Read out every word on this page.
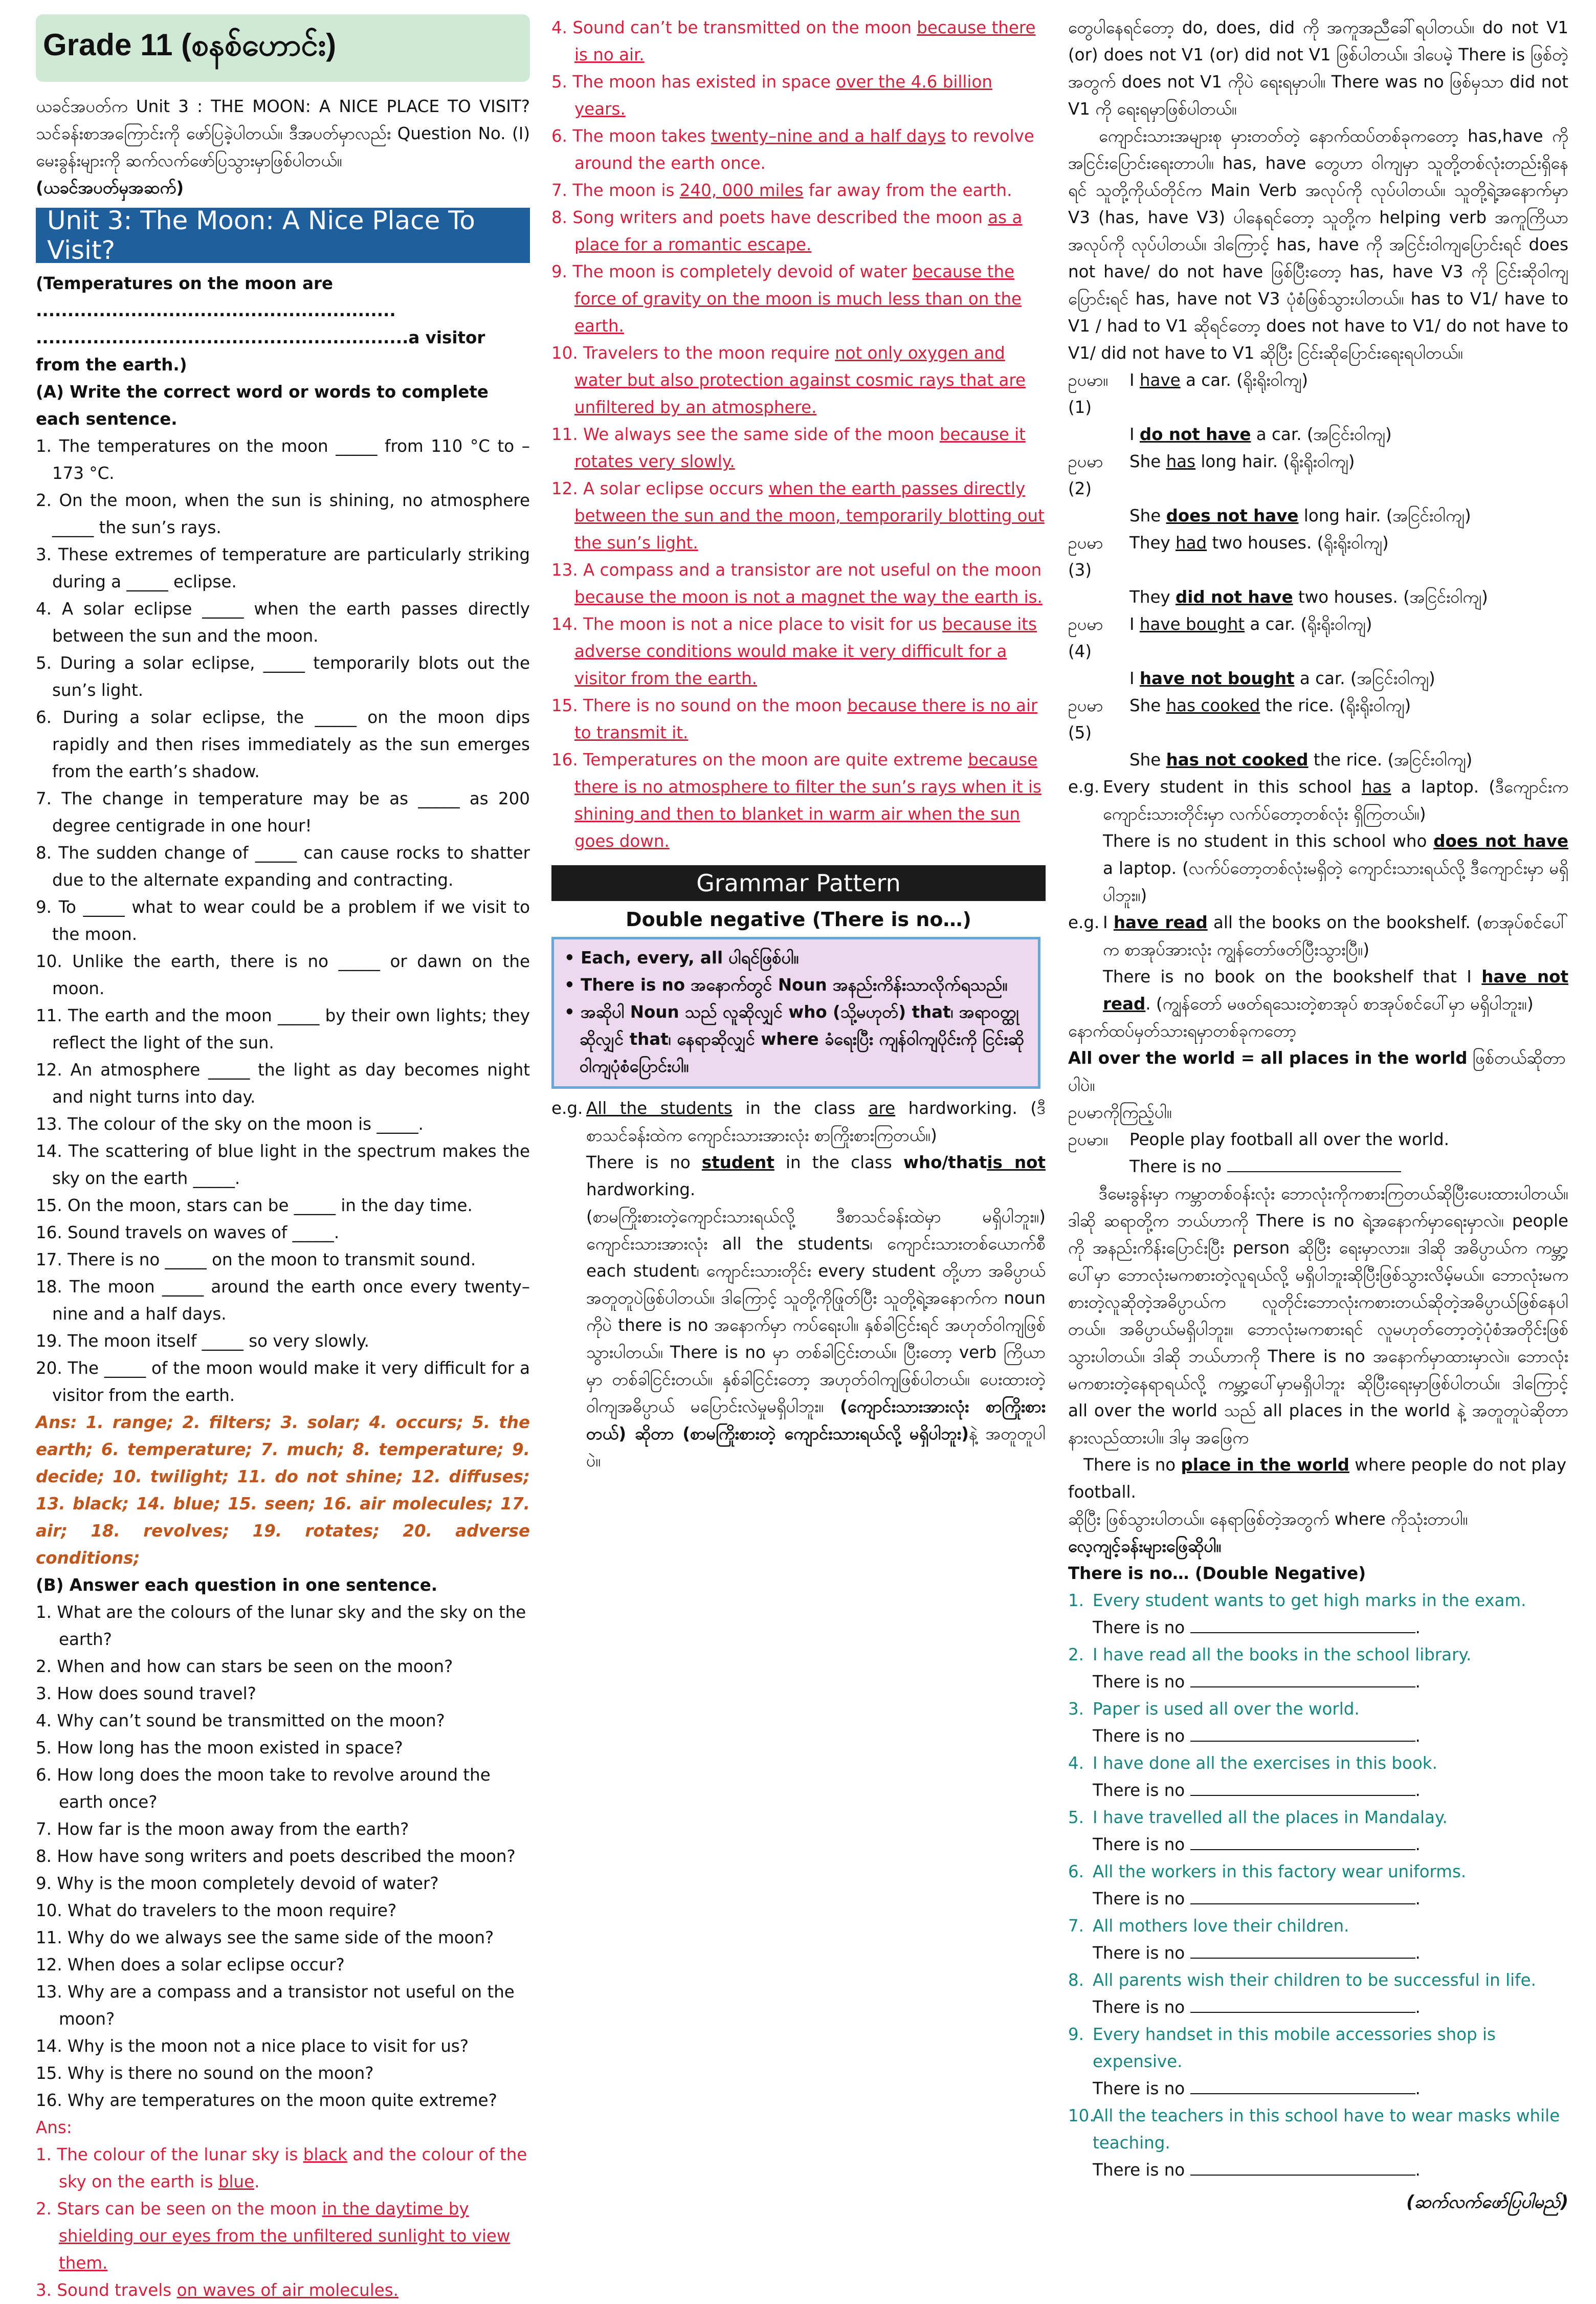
Grade 11 (စနစ်ဟောင်း)

ယခင်အပတ်က Unit 3 : THE MOON: A NICE PLACE TO VISIT? သင်ခန်းစာအကြောင်းကို ဖော်ပြခဲ့ပါတယ်။ ဒီအပတ်မှာလည်း Question No. (I) မေးခွန်းများကို ဆက်လက်ဖော်ပြသွားမှာဖြစ်ပါတယ်။

(ယခင်အပတ်မှအဆက်)

Unit 3: The Moon: A Nice Place To Visit?

(Temperatures on the moon are .........................................................

...........................................................a visitor from the earth.)

(A) Write the correct word or words to complete each sentence.

1. The temperatures on the moon _____ from 110 °C to –173 °C.

2. On the moon, when the sun is shining, no atmosphere _____ the sun’s rays.

3. These extremes of temperature are particularly striking during a _____ eclipse.

4. A solar eclipse _____ when the earth passes directly between the sun and the moon.

5. During a solar eclipse, _____ temporarily blots out the sun’s light.

6. During a solar eclipse, the _____ on the moon dips rapidly and then rises immediately as the sun emerges from the earth’s shadow.

7. The change in temperature may be as _____ as 200 degree centigrade in one hour!

8. The sudden change of _____ can cause rocks to shatter due to the alternate expanding and contracting.

9. To _____ what to wear could be a problem if we visit to the moon.

10. Unlike the earth, there is no _____ or dawn on the moon.

11. The earth and the moon _____ by their own lights; they reflect the light of the sun.

12. An atmosphere _____ the light as day becomes night and night turns into day.

13. The colour of the sky on the moon is _____.

14. The scattering of blue light in the spectrum makes the sky on the earth _____.

15. On the moon, stars can be _____ in the day time.

16. Sound travels on waves of _____.

17. There is no _____ on the moon to transmit sound.

18. The moon _____ around the earth once every twenty–nine and a half days.

19. The moon itself _____ so very slowly.

20. The _____ of the moon would make it very difficult for a visitor from the earth.

Ans: 1. range; 2. filters; 3. solar; 4. occurs; 5. the earth; 6. temperature; 7. much; 8. temperature; 9. decide; 10. twilight; 11. do not shine; 12. diffuses; 13. black; 14. blue; 15. seen; 16. air molecules; 17. air; 18. revolves; 19. rotates; 20. adverse conditions;

(B) Answer each question in one sentence.

1. What are the colours of the lunar sky and the sky on the earth?

2. When and how can stars be seen on the moon?

3. How does sound travel?

4. Why can’t sound be transmitted on the moon?

5. How long has the moon existed in space?

6. How long does the moon take to revolve around the earth once?

7. How far is the moon away from the earth?

8. How have song writers and poets described the moon?

9. Why is the moon completely devoid of water?

10. What do travelers to the moon require?

11. Why do we always see the same side of the moon?

12. When does a solar eclipse occur?

13. Why are a compass and a transistor not useful on the moon?

14. Why is the moon not a nice place to visit for us?

15. Why is there no sound on the moon?

16. Why are temperatures on the moon quite extreme?

Ans:

1. The colour of the lunar sky is black and the colour of the sky on the earth is blue.

2. Stars can be seen on the moon in the daytime by shielding our eyes from the unfiltered sunlight to view them.

3. Sound travels on waves of air molecules.

4. Sound can’t be transmitted on the moon because there is no air.

5. The moon has existed in space over the 4.6 billion years.

6. The moon takes twenty–nine and a half days to revolve around the earth once.

7. The moon is 240, 000 miles far away from the earth.

8. Song writers and poets have described the moon as a place for a romantic escape.

9. The moon is completely devoid of water because the force of gravity on the moon is much less than on the earth.

10. Travelers to the moon require not only oxygen and water but also protection against cosmic rays that are unfiltered by an atmosphere.

11. We always see the same side of the moon because it rotates very slowly.

12. A solar eclipse occurs when the earth passes directly between the sun and the moon, temporarily blotting out the sun’s light.

13. A compass and a transistor are not useful on the moon because the moon is not a magnet the way the earth is.

14. The moon is not a nice place to visit for us because its adverse conditions would make it very difficult for a visitor from the earth.

15. There is no sound on the moon because there is no air to transmit it.

16. Temperatures on the moon are quite extreme because there is no atmosphere to filter the sun’s rays when it is shining and then to blanket in warm air when the sun goes down.

Grammar Pattern

Double negative (There is no…)

• Each, every, all ပါရင်ဖြစ်ပါ။

• There is no အနောက်တွင် Noun အနည်းကိန်းသာလိုက်ရသည်။

• အဆိုပါ Noun သည် လူဆိုလျှင် who (သို့မဟုတ်) that၊ အရာဝတ္ထုဆိုလျှင် that၊ နေရာဆိုလျှင် where ခံရေးပြီး ကျန်ဝါကျပိုင်းကို ငြင်းဆိုဝါကျပုံစံပြောင်းပါ။

e.g. All the students in the class are hardworking. (ဒီစာသင်ခန်းထဲက ကျောင်းသားအားလုံး စာကြိုးစားကြတယ်။)

There is no student in the class who/thatis not hardworking.

(စာမကြိုးစားတဲ့ကျောင်းသားရယ်လို့ ဒီစာသင်ခန်းထဲမှာ မရှိပါဘူး။) ကျောင်းသားအားလုံး all the students၊ ကျောင်းသားတစ်ယောက်စီ each student၊ ကျောင်းသားတိုင်း every student တို့ဟာ အဓိပ္ပာယ်အတူတူပဲဖြစ်ပါတယ်။ ဒါကြောင့် သူတို့ကိုဖြုတ်ပြီး သူတို့ရဲ့အနောက်က noun ကိုပဲ there is no အနောက်မှာ ကပ်ရေးပါ။ နှစ်ခါငြင်းရင် အဟုတ်ဝါကျဖြစ်သွားပါတယ်။ There is no မှာ တစ်ခါငြင်းတယ်။ ပြီးတော့ verb ကြိယာမှာ တစ်ခါငြင်းတယ်။ နှစ်ခါငြင်းတော့ အဟုတ်ဝါကျဖြစ်ပါတယ်။ ပေးထားတဲ့ဝါကျအဓိပ္ပာယ် မပြောင်းလဲမှုမရှိပါဘူး။ (ကျောင်းသားအားလုံး စာကြိုးစားတယ်) ဆိုတာ (စာမကြိုးစားတဲ့ ကျောင်းသားရယ်လို့ မရှိပါဘူး)နဲ့ အတူတူပါပဲ။

တွေပါနေရင်တော့ do, does, did ကို အကူအညီခေါ်ရပါတယ်။ do not V1 (or) does not V1 (or) did not V1 ဖြစ်ပါတယ်။ ဒါပေမဲ့ There is ဖြစ်တဲ့အတွက် does not V1 ကိုပဲ ရေးရမှာပါ။ There was no ဖြစ်မှသာ did not V1 ကို ရေးရမှာဖြစ်ပါတယ်။

ကျောင်းသားအများစု မှားတတ်တဲ့ နောက်ထပ်တစ်ခုကတော့ has,have ကို အငြင်းပြောင်းရေးတာပါ။ has, have တွေဟာ ဝါကျမှာ သူတို့တစ်လုံးတည်းရှိနေရင် သူတို့ကိုယ်တိုင်က Main Verb အလုပ်ကို လုပ်ပါတယ်။ သူတို့ရဲ့အနောက်မှာ V3 (has, have V3) ပါနေရင်တော့ သူတို့က helping verb အကူကြိယာအလုပ်ကို လုပ်ပါတယ်။ ဒါကြောင့် has, have ကို အငြင်းဝါကျပြောင်းရင် does not have/ do not have ဖြစ်ပြီးတော့ has, have V3 ကို ငြင်းဆိုဝါကျပြောင်းရင် has, have not V3 ပုံစံဖြစ်သွားပါတယ်။ has to V1/ have to V1 / had to V1 ဆိုရင်တော့ does not have to V1/ do not have to V1/ did not have to V1 ဆိုပြီး ငြင်းဆိုပြောင်းရေးရပါတယ်။

ဥပမာ။ (1)
I have a car. (ရိုးရိုးဝါကျ)
I do not have a car. (အငြင်းဝါကျ)
ဥပမာ (2)
She has long hair. (ရိုးရိုးဝါကျ)
She does not have long hair. (အငြင်းဝါကျ)
ဥပမာ (3)
They had two houses. (ရိုးရိုးဝါကျ)
They did not have two houses. (အငြင်းဝါကျ)
ဥပမာ (4)
I have bought a car. (ရိုးရိုးဝါကျ)
I have not bought a car. (အငြင်းဝါကျ)
ဥပမာ (5)
She has cooked the rice. (ရိုးရိုးဝါကျ)
She has not cooked the rice. (အငြင်းဝါကျ)
e.g. Every student in this school has a laptop. (ဒီကျောင်းက ကျောင်းသားတိုင်းမှာ လက်ပ်တော့တစ်လုံး ရှိကြတယ်။)

There is no student in this school who does not have a laptop. (လက်ပ်တော့တစ်လုံးမရှိတဲ့ ကျောင်းသားရယ်လို့ ဒီကျောင်းမှာ မရှိပါဘူး။)

e.g. I have read all the books on the bookshelf. (စာအုပ်စင်ပေါ်က စာအုပ်အားလုံး ကျွန်တော်ဖတ်ပြီးသွားပြီ။)

There is no book on the bookshelf that I have not read. (ကျွန်တော် မဖတ်ရသေးတဲ့စာအုပ် စာအုပ်စင်ပေါ်မှာ မရှိပါဘူး။)

နောက်ထပ်မှတ်သားရမှာတစ်ခုကတော့

All over the world = all places in the world ဖြစ်တယ်ဆိုတာပါပဲ။

ဥပမာကိုကြည့်ပါ။

ဥပမာ။	People play football all over the world.

There is no

ဒီမေးခွန်းမှာ ကမ္ဘာတစ်ဝန်းလုံး ဘောလုံးကိုကစားကြတယ်ဆိုပြီးပေးထားပါတယ်။ ဒါဆို ဆရာတို့က ဘယ်ဟာကို There is no ရဲ့အနောက်မှာရေးမှာလဲ။ people ကို အနည်းကိန်းပြောင်းပြီး person ဆိုပြီး ရေးမှာလား။ ဒါဆို အဓိပ္ပာယ်က ကမ္ဘာ့ပေါ်မှာ ဘောလုံးမကစားတဲ့လူရယ်လို့ မရှိပါဘူးဆိုပြီးဖြစ်သွားလိမ့်မယ်။ ဘောလုံးမကစားတဲ့လူဆိုတဲ့အဓိပ္ပာယ်က လူတိုင်းဘောလုံးကစားတယ်ဆိုတဲ့အဓိပ္ပာယ်ဖြစ်နေပါတယ်။ အဓိပ္ပာယ်မရှိပါဘူး။ ဘောလုံးမကစားရင် လူမဟုတ်တော့တဲ့ပုံစံအတိုင်းဖြစ်သွားပါတယ်။ ဒါဆို ဘယ်ဟာကို There is no အနောက်မှာထားမှာလဲ။ ဘောလုံးမကစားတဲ့နေရာရယ်လို့ ကမ္ဘာ့ပေါ်မှာမရှိပါဘူး ဆိုပြီးရေးမှာဖြစ်ပါတယ်။ ဒါကြောင့် all over the world သည် all places in the world နဲ့ အတူတူပဲဆိုတာ နားလည်ထားပါ။ ဒါမှ အဖြေက

There is no place in the world where people do not play football.

ဆိုပြီး ဖြစ်သွားပါတယ်။ နေရာဖြစ်တဲ့အတွက် where ကိုသုံးတာပါ။

လေ့ကျင့်ခန်းများဖြေဆိုပါ။

There is no… (Double Negative)

1. Every student wants to get high marks in the exam.

There is no	.

2. I have read all the books in the school library.

There is no	.

3. Paper is used all over the world.

There is no	.

4. I have done all the exercises in this book.

There is no	.

5. I have travelled all the places in Mandalay.

There is no	.

6. All the workers in this factory wear uniforms.

There is no	.

7. All mothers love their children.

There is no	.

8. All parents wish their children to be successful in life.

There is no	.

9. Every handset in this mobile accessories shop is expensive.

There is no	.

10.
All the teachers in this school have to wear masks while teaching.

There is no	.

(ဆက်လက်ဖော်ပြပါမည်)
